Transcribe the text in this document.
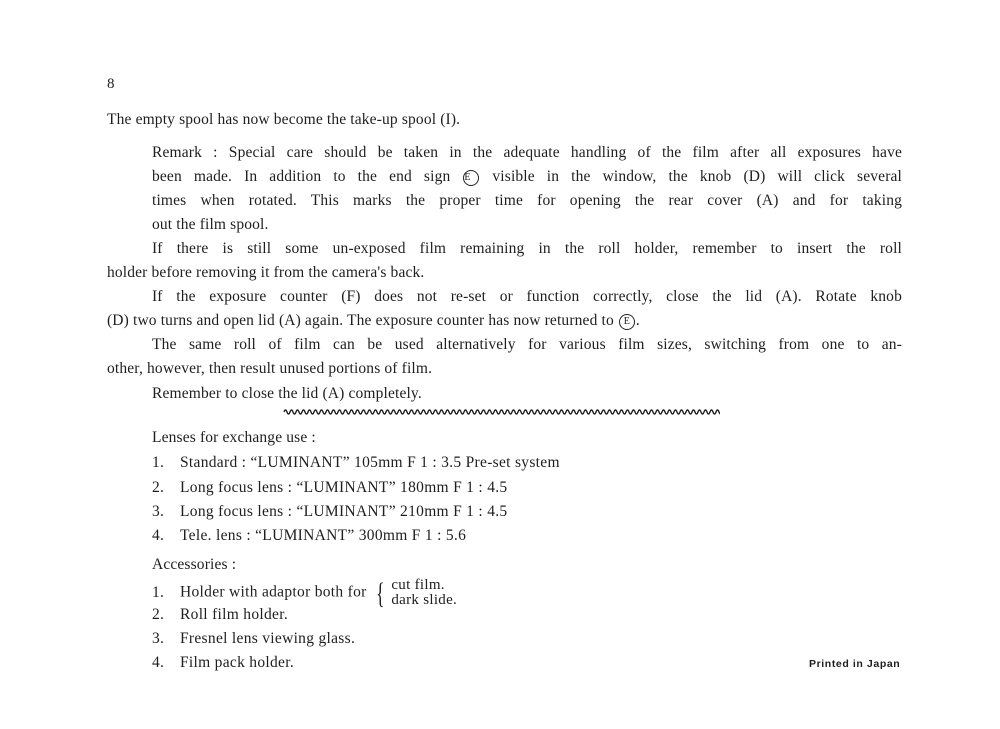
8
The empty spool has now become the take-up spool (I).
Remark : Special care should be taken in the adequate handling of the film after all exposures have
been made. In addition to the end sign E visible in the window, the knob (D) will click several
times when rotated. This marks the proper time for opening the rear cover (A) and for taking
out the film spool.
If there is still some un-exposed film remaining in the roll holder, remember to insert the roll
holder before removing it from the camera's back.
If the exposure counter (F) does not re-set or function correctly, close the lid (A). Rotate knob
(D) two turns and open lid (A) again. The exposure counter has now returned to E .
The same roll of film can be used alternatively for various film sizes, switching from one to an-
other, however, then result unused portions of film.
Remember to close the lid (A) completely.
Lenses for exchange use :
1. Standard : “LUMINANT” 105mm F 1 : 3.5 Pre-set system
2. Long focus lens : “LUMINANT” 180mm F 1 : 4.5
3. Long focus lens : “LUMINANT” 210mm F 1 : 4.5
4. Tele. lens : “LUMINANT” 300mm F 1 : 5.6
Accessories :
1. Holder with adaptor both for { cut film.
dark slide.
2. Roll film holder.
3. Fresnel lens viewing glass.
4. Film pack holder.	Printed in Japan
